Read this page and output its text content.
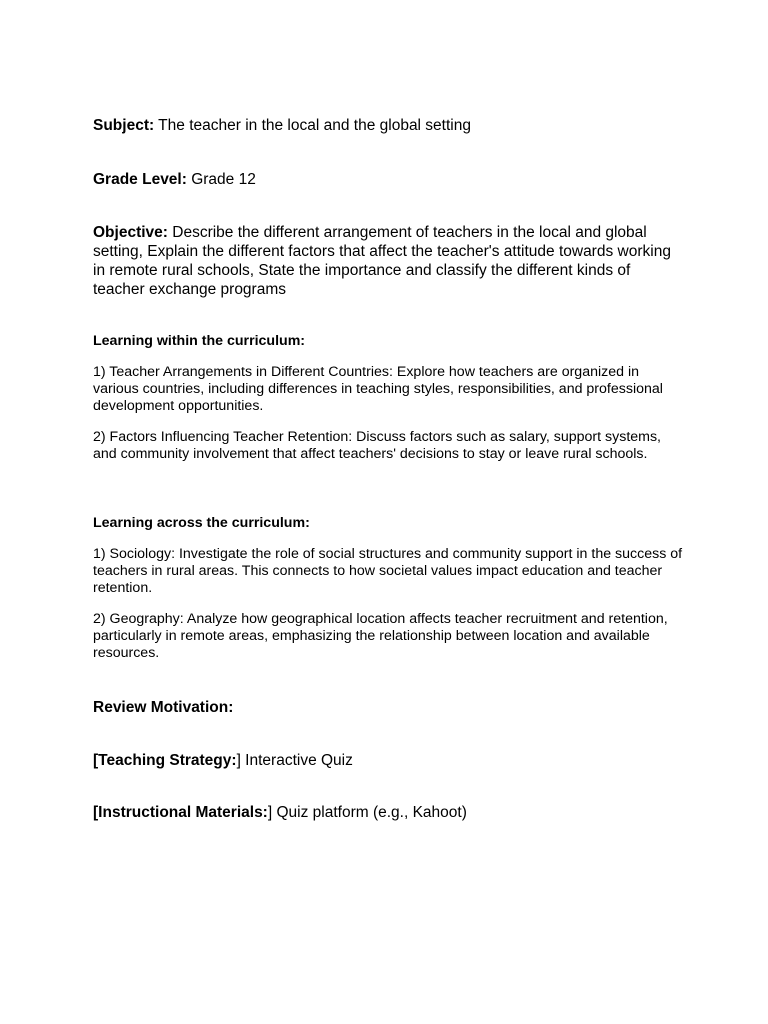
Subject: The teacher in the local and the global setting

Grade Level: Grade 12

Objective: Describe the different arrangement of teachers in the local and global setting, Explain the different factors that affect the teacher's attitude towards working in remote rural schools, State the importance and classify the different kinds of teacher exchange programs

Learning within the curriculum:

1) Teacher Arrangements in Different Countries: Explore how teachers are organized in various countries, including differences in teaching styles, responsibilities, and professional development opportunities.

2) Factors Influencing Teacher Retention: Discuss factors such as salary, support systems, and community involvement that affect teachers' decisions to stay or leave rural schools.

Learning across the curriculum:

1) Sociology: Investigate the role of social structures and community support in the success of teachers in rural areas. This connects to how societal values impact education and teacher retention.

2) Geography: Analyze how geographical location affects teacher recruitment and retention, particularly in remote areas, emphasizing the relationship between location and available resources.

Review Motivation:

[Teaching Strategy:] Interactive Quiz

[Instructional Materials:] Quiz platform (e.g., Kahoot)
